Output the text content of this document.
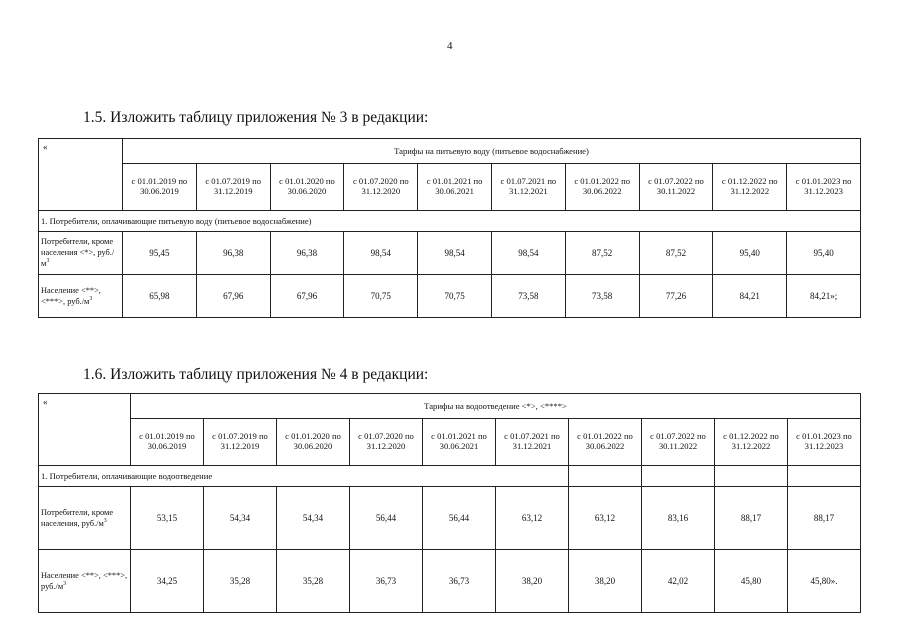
4
1.5. Изложить таблицу приложения № 3 в редакции:
«	Тарифы на питьевую воду (питьевое водоснабжение)									
	с 01.01.2019 по 30.06.2019	с 01.07.2019 по 31.12.2019	с 01.01.2020 по 30.06.2020	с 01.07.2020 по 31.12.2020	с 01.01.2021 по 30.06.2021	с 01.07.2021 по 31.12.2021	с 01.01.2022 по 30.06.2022	с 01.07.2022 по 30.11.2022	с 01.12.2022 по 31.12.2022	с 01.01.2023 по 31.12.2023
1. Потребители, оплачивающие питьевую воду (питьевое водоснабжение)										
Потребители, кроме населения <*>, $руб./м^3$	95,45	96,38	96,38	98,54	98,54	98,54	87,52	87,52	95,40	95,40
Население <**>, <***>, $руб./м^3$	65,98	67,96	67,96	70,75	70,75	73,58	73,58	77,26	84,21	84,21»;
1.6. Изложить таблицу приложения № 4 в редакции:
«	Тарифы на водоотведение <*>, <****>									
	с 01.01.2019 по 30.06.2019	с 01.07.2019 по 31.12.2019	с 01.01.2020 по 30.06.2020	с 01.07.2020 по 31.12.2020	с 01.01.2021 по 30.06.2021	с 01.07.2021 по 31.12.2021	с 01.01.2022 по 30.06.2022	с 01.07.2022 по 30.11.2022	с 01.12.2022 по 31.12.2022	с 01.01.2023 по 31.12.2023
1. Потребители, оплачивающие водоотведение										
Потребители, кроме населения, $руб./м^3$	53,15	54,34	54,34	56,44	56,44	63,12	63,12	83,16	88,17	88,17
Население <**>, <***>, $руб./м^3$	34,25	35,28	35,28	36,73	36,73	38,20	38,20	42,02	45,80	45,80».
